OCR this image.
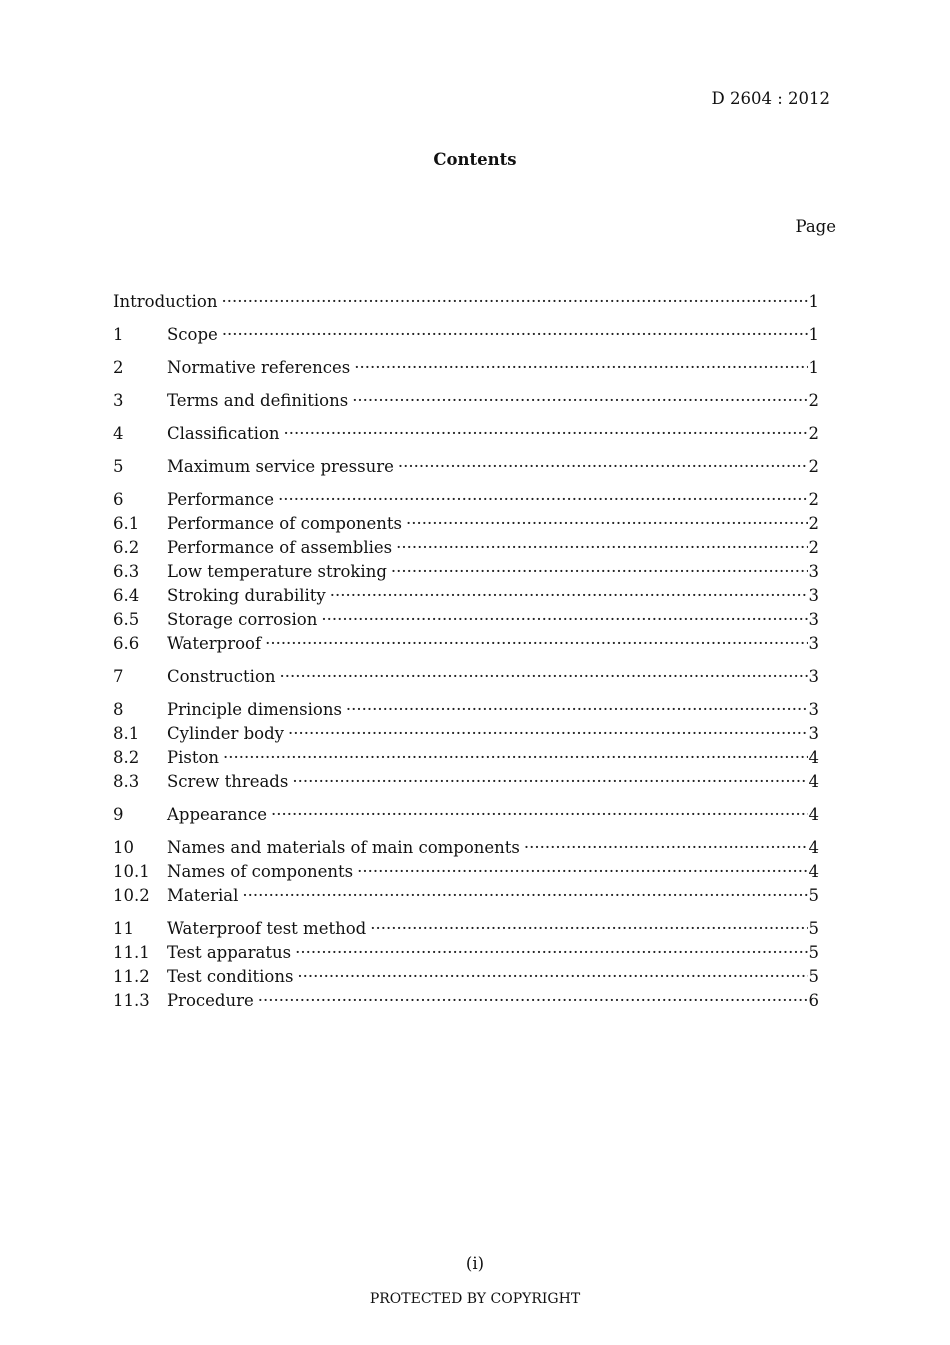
D 2604 : 2012
Contents
Page
Introduction ·····	1
1	Scope ·····	1
2	Normative references ·····	1
3	Terms and definitions ·····	2
4	Classification ·····	2
5	Maximum service pressure ·····	2
6	Performance ·····	2
6.1	Performance of components ·····	2
6.2	Performance of assemblies ·····	2
6.3	Low temperature stroking ·····	3
6.4	Stroking durability ·····	3
6.5	Storage corrosion ·····	3
6.6	Waterproof ·····	3
7	Construction ·····	3
8	Principle dimensions ·····	3
8.1	Cylinder body ·····	3
8.2	Piston ·····	4
8.3	Screw threads ·····	4
9	Appearance ·····	4
10	Names and materials of main components ·····	4
10.1	Names of components ·····	4
10.2	Material ·····	5
11	Waterproof test method ·····	5
11.1	Test apparatus ·····	5
11.2	Test conditions ·····	5
11.3	Procedure ·····	6
(i)
PROTECTED BY COPYRIGHT
